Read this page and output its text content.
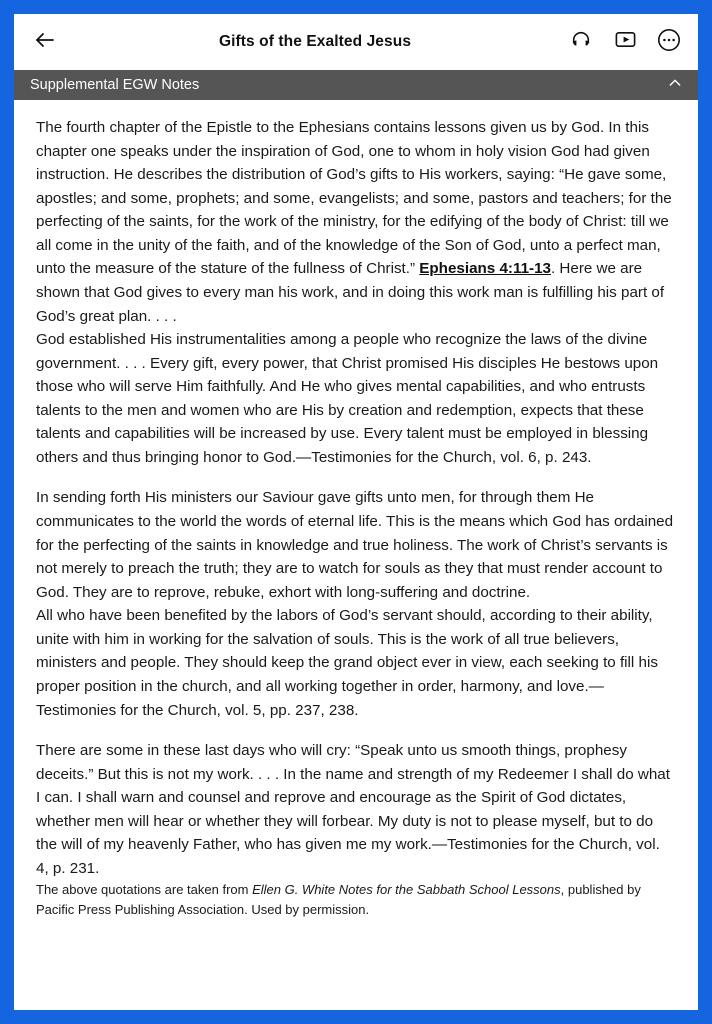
Gifts of the Exalted Jesus
Supplemental EGW Notes

The fourth chapter of the Epistle to the Ephesians contains lessons given us by God. In this chapter one speaks under the inspiration of God, one to whom in holy vision God had given instruction. He describes the distribution of God’s gifts to His workers, saying: “He gave some, apostles; and some, prophets; and some, evangelists; and some, pastors and teachers; for the perfecting of the saints, for the work of the ministry, for the edifying of the body of Christ: till we all come in the unity of the faith, and of the knowledge of the Son of God, unto a perfect man, unto the measure of the stature of the fullness of Christ.” Ephesians 4:11-13. Here we are shown that God gives to every man his work, and in doing this work man is fulfilling his part of God’s great plan. . . .

God established His instrumentalities among a people who recognize the laws of the divine government. . . . Every gift, every power, that Christ promised His disciples He bestows upon those who will serve Him faithfully. And He who gives mental capabilities, and who entrusts talents to the men and women who are His by creation and redemption, expects that these talents and capabilities will be increased by use. Every talent must be employed in blessing others and thus bringing honor to God.—Testimonies for the Church, vol. 6, p. 243.

In sending forth His ministers our Saviour gave gifts unto men, for through them He communicates to the world the words of eternal life. This is the means which God has ordained for the perfecting of the saints in knowledge and true holiness. The work of Christ’s servants is not merely to preach the truth; they are to watch for souls as they that must render account to God. They are to reprove, rebuke, exhort with long-suffering and doctrine.

All who have been benefited by the labors of God’s servant should, according to their ability, unite with him in working for the salvation of souls. This is the work of all true believers, ministers and people. They should keep the grand object ever in view, each seeking to fill his proper position in the church, and all working together in order, harmony, and love.—Testimonies for the Church, vol. 5, pp. 237, 238.

There are some in these last days who will cry: “Speak unto us smooth things, prophesy deceits.” But this is not my work. . . . In the name and strength of my Redeemer I shall do what I can. I shall warn and counsel and reprove and encourage as the Spirit of God dictates, whether men will hear or whether they will forbear. My duty is not to please myself, but to do the will of my heavenly Father, who has given me my work.—Testimonies for the Church, vol. 4, p. 231.

The above quotations are taken from Ellen G. White Notes for the Sabbath School Lessons, published by Pacific Press Publishing Association. Used by permission.
